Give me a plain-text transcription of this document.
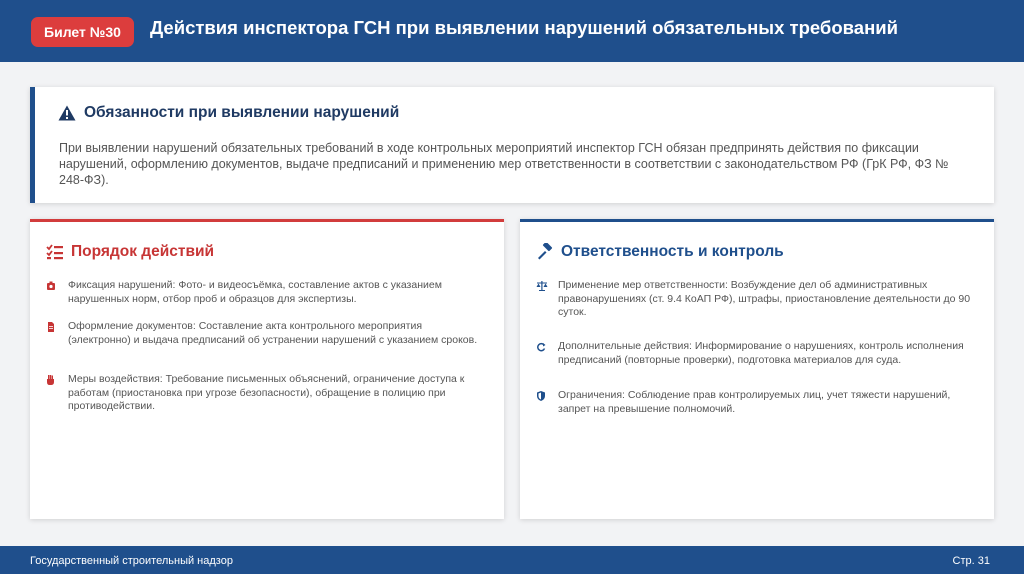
Билет №30	Действия инспектора ГСН при выявлении нарушений обязательных требований
Обязанности при выявлении нарушений
При выявлении нарушений обязательных требований в ходе контрольных мероприятий инспектор ГСН обязан предпринять действия по фиксации нарушений, оформлению документов, выдаче предписаний и применению мер ответственности в соответствии с законодательством РФ (ГрК РФ, ФЗ № 248-ФЗ).
Порядок действий
Фиксация нарушений: Фото- и видеосъёмка, составление актов с указанием нарушенных норм, отбор проб и образцов для экспертизы.
Оформление документов: Составление акта контрольного мероприятия (электронно) и выдача предписаний об устранении нарушений с указанием сроков.
Меры воздействия: Требование письменных объяснений, ограничение доступа к работам (приостановка при угрозе безопасности), обращение в полицию при противодействии.
Ответственность и контроль
Применение мер ответственности: Возбуждение дел об административных правонарушениях (ст. 9.4 КоАП РФ), штрафы, приостановление деятельности до 90 суток.
Дополнительные действия: Информирование о нарушениях, контроль исполнения предписаний (повторные проверки), подготовка материалов для суда.
Ограничения: Соблюдение прав контролируемых лиц, учет тяжести нарушений, запрет на превышение полномочий.
Государственный строительный надзор	Стр. 31
